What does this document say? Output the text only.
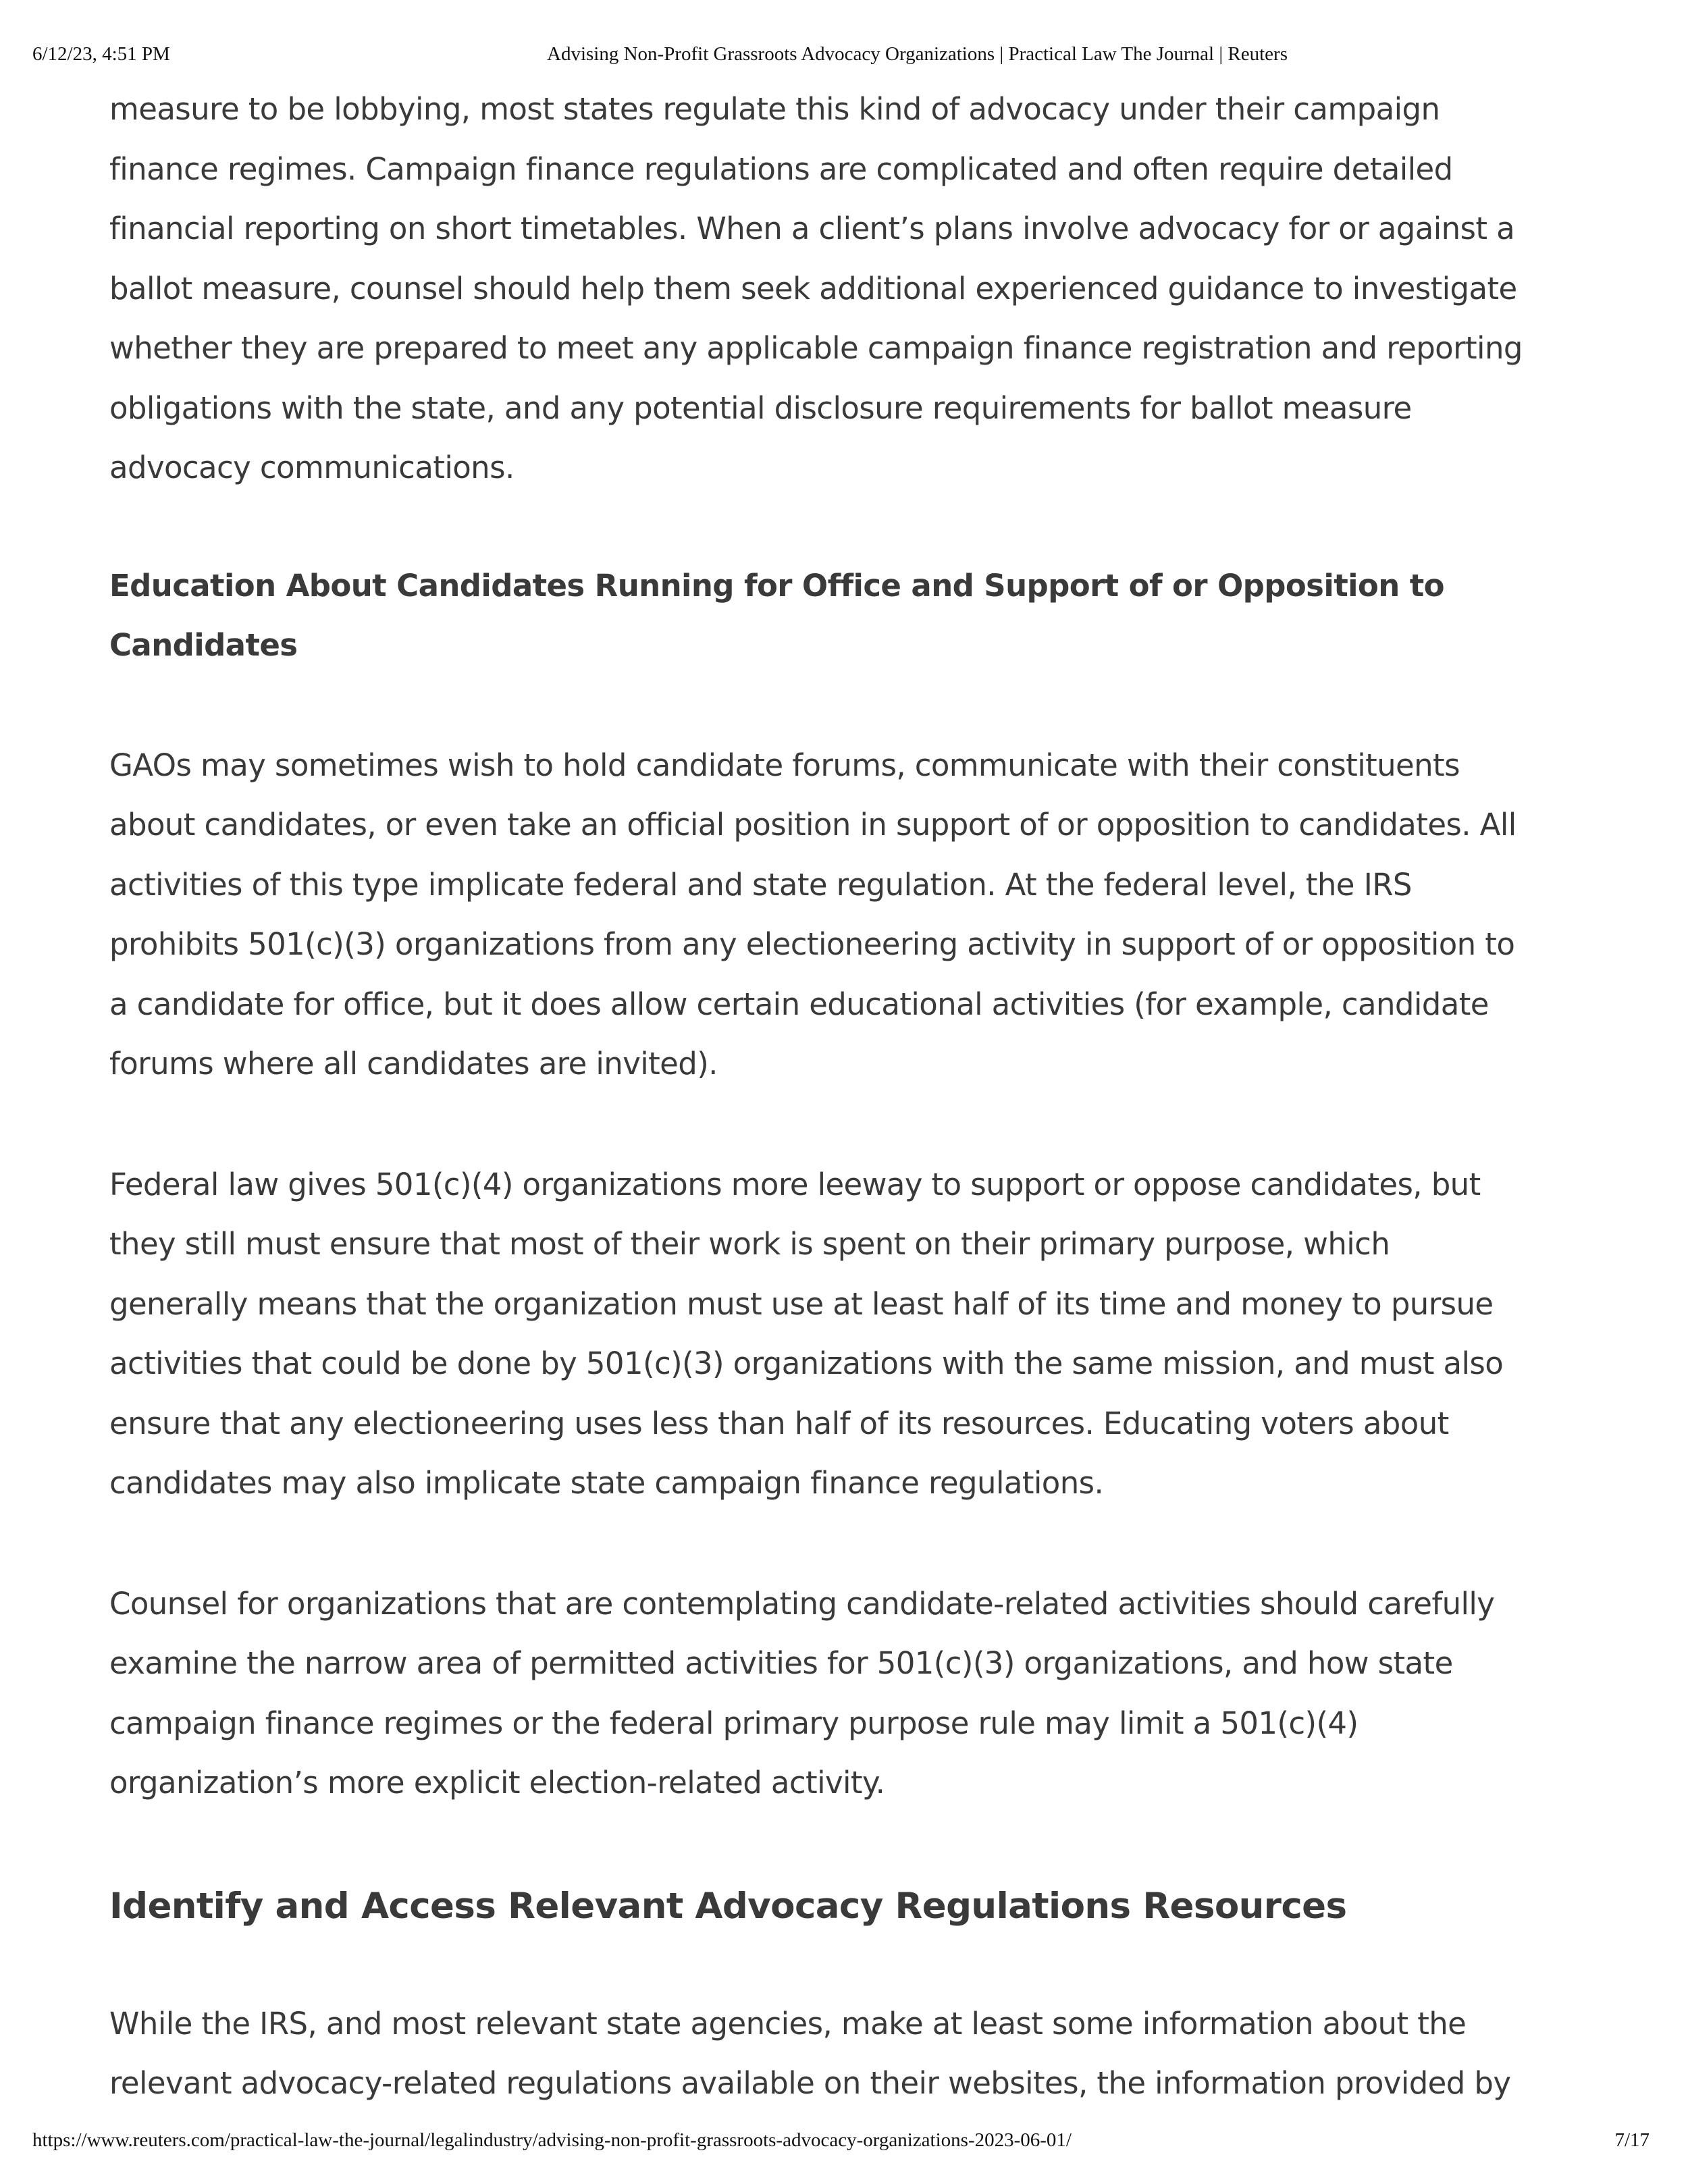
6/12/23, 4:51 PM	Advising Non-Profit Grassroots Advocacy Organizations | Practical Law The Journal | Reuters

measure to be lobbying, most states regulate this kind of advocacy under their campaign
finance regimes. Campaign finance regulations are complicated and often require detailed
financial reporting on short timetables. When a client’s plans involve advocacy for or against a
ballot measure, counsel should help them seek additional experienced guidance to investigate
whether they are prepared to meet any applicable campaign finance registration and reporting
obligations with the state, and any potential disclosure requirements for ballot measure
advocacy communications.

Education About Candidates Running for Office and Support of or Opposition to Candidates

GAOs may sometimes wish to hold candidate forums, communicate with their constituents
about candidates, or even take an official position in support of or opposition to candidates. All
activities of this type implicate federal and state regulation. At the federal level, the IRS
prohibits 501(c)(3) organizations from any electioneering activity in support of or opposition to
a candidate for office, but it does allow certain educational activities (for example, candidate
forums where all candidates are invited).

Federal law gives 501(c)(4) organizations more leeway to support or oppose candidates, but
they still must ensure that most of their work is spent on their primary purpose, which
generally means that the organization must use at least half of its time and money to pursue
activities that could be done by 501(c)(3) organizations with the same mission, and must also
ensure that any electioneering uses less than half of its resources. Educating voters about
candidates may also implicate state campaign finance regulations.

Counsel for organizations that are contemplating candidate-related activities should carefully
examine the narrow area of permitted activities for 501(c)(3) organizations, and how state
campaign finance regimes or the federal primary purpose rule may limit a 501(c)(4)
organization’s more explicit election-related activity.

Identify and Access Relevant Advocacy Regulations Resources

While the IRS, and most relevant state agencies, make at least some information about the
relevant advocacy-related regulations available on their websites, the information provided by

https://www.reuters.com/practical-law-the-journal/legalindustry/advising-non-profit-grassroots-advocacy-organizations-2023-06-01/	7/17
